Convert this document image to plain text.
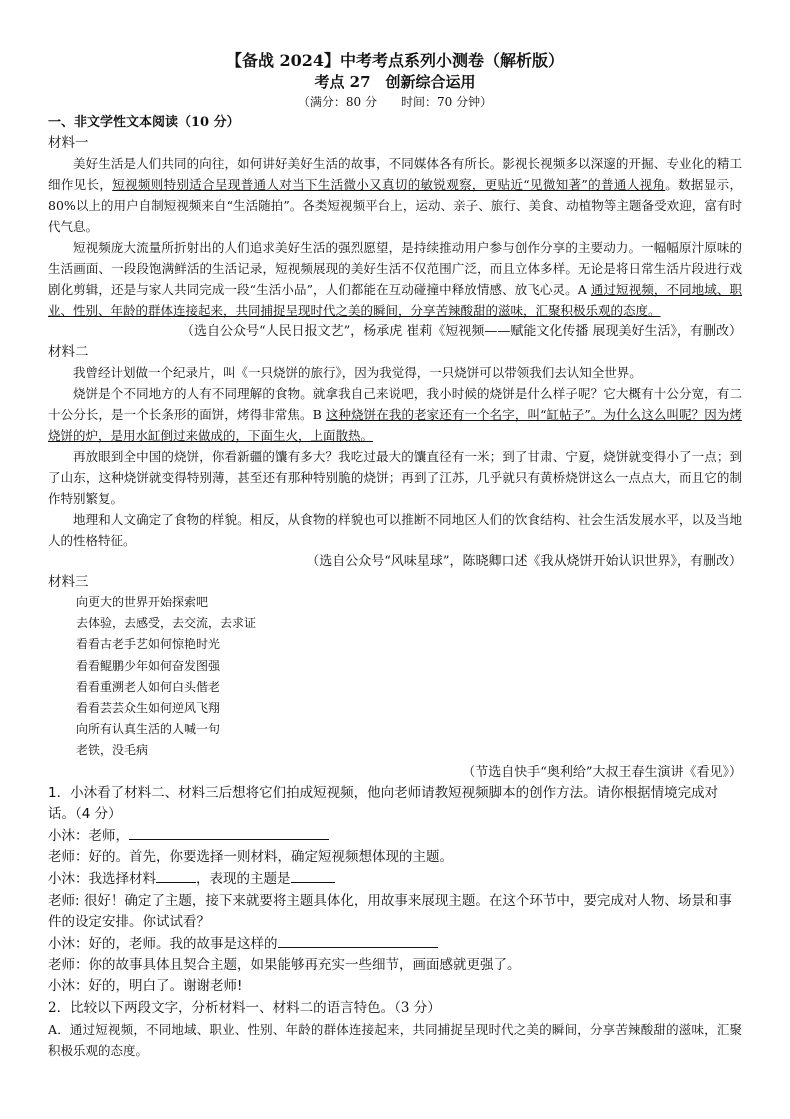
【备战 2024】中考考点系列小测卷（解析版）

考点 27　创新综合运用

（满分：80 分　　时间：70 分钟）

一、非文学性文本阅读（10 分）

材料一

美好生活是人们共同的向往，如何讲好美好生活的故事，不同媒体各有所长。影视长视频多以深邃的开掘、专业化的精工细作见长，短视频则特别适合呈现普通人对当下生活微小又真切的敏锐观察，更贴近“见微知著”的普通人视角。数据显示，80%以上的用户自制短视频来自“生活随拍”。各类短视频平台上，运动、亲子、旅行、美食、动植物等主题备受欢迎，富有时代气息。

短视频庞大流量所折射出的人们追求美好生活的强烈愿望，是持续推动用户参与创作分享的主要动力。一幅幅原汁原味的生活画面、一段段饱满鲜活的生活记录，短视频展现的美好生活不仅范围广泛，而且立体多样。无论是将日常生活片段进行戏剧化剪辑，还是与家人共同完成一段“生活小品”，人们都能在互动碰撞中释放情感、放飞心灵。A 通过短视频，不同地域、职业、性别、年龄的群体连接起来，共同捕捉呈现时代之美的瞬间，分享苦辣酸甜的滋味，汇聚积极乐观的态度。

（选自公众号“人民日报文艺”，杨承虎 崔莉《短视频——赋能文化传播 展现美好生活》，有删改）

材料二

我曾经计划做一个纪录片，叫《一只烧饼的旅行》，因为我觉得，一只烧饼可以带领我们去认知全世界。

烧饼是个不同地方的人有不同理解的食物。就拿我自己来说吧，我小时候的烧饼是什么样子呢？它大概有十公分宽，有二十公分长，是一个长条形的面饼，烤得非常焦。B 这种烧饼在我的老家还有一个名字，叫“缸帖子”。为什么这么叫呢？因为烤烧饼的炉，是用水缸倒过来做成的，下面生火，上面散热。

再放眼到全中国的烧饼，你看新疆的馕有多大？我吃过最大的馕直径有一米；到了甘肃、宁夏，烧饼就变得小了一点；到了山东，这种烧饼就变得特别薄，甚至还有那种特别脆的烧饼；再到了江苏，几乎就只有黄桥烧饼这么一点点大，而且它的制作特别繁复。

地理和人文确定了食物的样貌。相反，从食物的样貌也可以推断不同地区人们的饮食结构、社会生活发展水平，以及当地人的性格特征。

（选自公众号“风味星球”，陈晓卿口述《我从烧饼开始认识世界》，有删改）

材料三

向更大的世界开始探索吧

去体验，去感受，去交流，去求证

看看古老手艺如何惊艳时光

看看鲲鹏少年如何奋发图强

看看重溯老人如何白头偕老

看看芸芸众生如何逆风飞翔

向所有认真生活的人喊一句

老铁，没毛病

（节选自快手“奥利给”大叔王春生演讲《看见》）

1．小沐看了材料二、材料三后想将它们拍成短视频，他向老师请教短视频脚本的创作方法。请你根据情境完成对话。（4 分）

小沐：老师，

老师：好的。首先，你要选择一则材料，确定短视频想体现的主题。

小沐：我选择材料	，表现的主题是

老师: 很好！确定了主题，接下来就要将主题具体化，用故事来展现主题。在这个环节中，要完成对人物、场景和事件的设定安排。你试试看？

小沐：好的，老师。我的故事是这样的

老师：你的故事具体且契合主题，如果能够再充实一些细节，画面感就更强了。

小沐：好的，明白了。谢谢老师!

2．比较以下两段文字，分析材料一、材料二的语言特色。（3 分）

A．通过短视频，不同地域、职业、性别、年龄的群体连接起来，共同捕捉呈现时代之美的瞬间，分享苦辣酸甜的滋味，汇聚积极乐观的态度。
